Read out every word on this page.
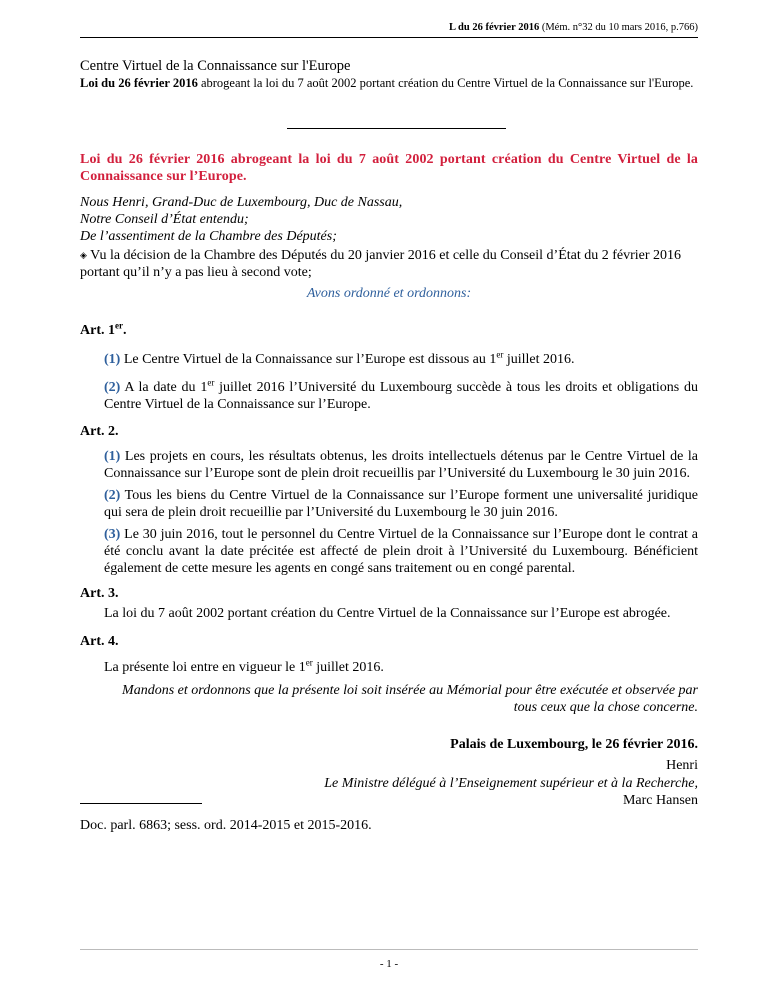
L du 26 février 2016 (Mém. n°32 du 10 mars 2016, p.766)
Centre Virtuel de la Connaissance sur l'Europe
Loi du 26 février 2016 abrogeant la loi du 7 août 2002 portant création du Centre Virtuel de la Connaissance sur l'Europe.
Loi du 26 février 2016 abrogeant la loi du 7 août 2002 portant création du Centre Virtuel de la Connaissance sur l’Europe.
Nous Henri, Grand-Duc de Luxembourg, Duc de Nassau,
Notre Conseil d’État entendu;
De l’assentiment de la Chambre des Députés;
◈ Vu la décision de la Chambre des Députés du 20 janvier 2016 et celle du Conseil d’État du 2 février 2016 portant qu’il n’y a pas lieu à second vote;
Avons ordonné et ordonnons:
Art. 1er.
(1) Le Centre Virtuel de la Connaissance sur l’Europe est dissous au 1er juillet 2016.
(2) A la date du 1er juillet 2016 l’Université du Luxembourg succède à tous les droits et obligations du Centre Virtuel de la Connaissance sur l’Europe.
Art. 2.
(1) Les projets en cours, les résultats obtenus, les droits intellectuels détenus par le Centre Virtuel de la Connaissance sur l’Europe sont de plein droit recueillis par l’Université du Luxembourg le 30 juin 2016.
(2) Tous les biens du Centre Virtuel de la Connaissance sur l’Europe forment une universalité juridique qui sera de plein droit recueillie par l’Université du Luxembourg le 30 juin 2016.
(3) Le 30 juin 2016, tout le personnel du Centre Virtuel de la Connaissance sur l’Europe dont le contrat a été conclu avant la date précitée est affecté de plein droit à l’Université du Luxembourg. Bénéficient également de cette mesure les agents en congé sans traitement ou en congé parental.
Art. 3.
La loi du 7 août 2002 portant création du Centre Virtuel de la Connaissance sur l’Europe est abrogée.
Art. 4.
La présente loi entre en vigueur le 1er juillet 2016.
Mandons et ordonnons que la présente loi soit insérée au Mémorial pour être exécutée et observée par tous ceux que la chose concerne.
Palais de Luxembourg, le 26 février 2016.
Henri
Le Ministre délégué à l’Enseignement supérieur et à la Recherche,
Marc Hansen
Doc. parl. 6863; sess. ord. 2014-2015 et 2015-2016.
- 1 -
